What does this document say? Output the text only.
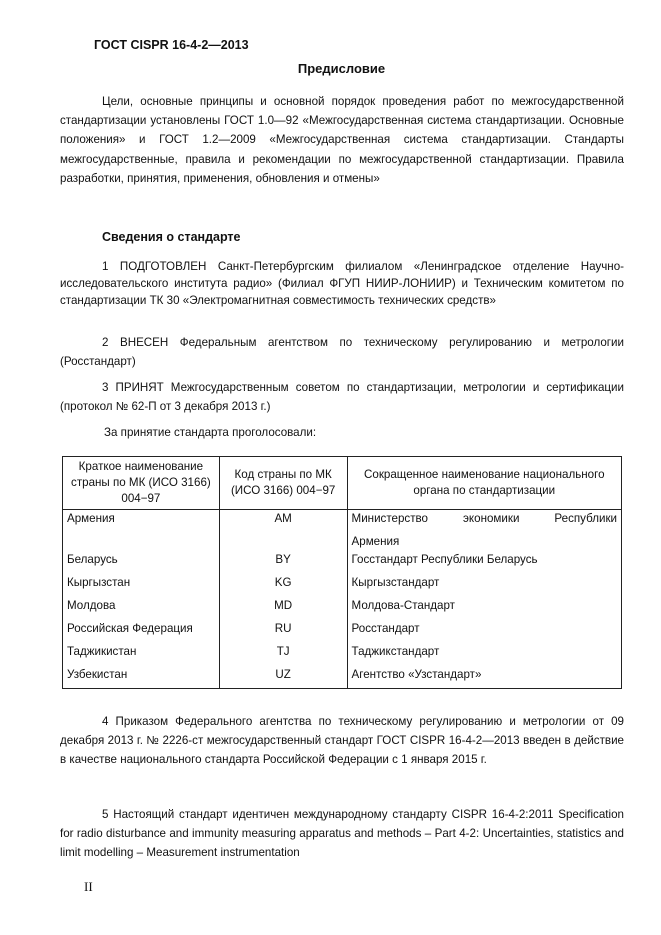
ГОСТ CISPR 16-4-2—2013
Предисловие

Цели, основные принципы и основной порядок проведения работ по межгосударственной стандартизации установлены ГОСТ 1.0—92 «Межгосударственная система стандартизации. Основные положения» и ГОСТ 1.2—2009 «Межгосударственная система стандартизации. Стандарты межгосударственные, правила и рекомендации по межгосударственной стандартизации. Правила разработки, принятия, применения, обновления и отмены»

Сведения о стандарте

1 ПОДГОТОВЛЕН Санкт-Петербургским филиалом «Ленинградское отделение Научно-исследовательского института радио» (Филиал ФГУП НИИР-ЛОНИИР) и Техническим комитетом по стандартизации ТК 30 «Электромагнитная совместимость технических средств»

2 ВНЕСЕН Федеральным агентством по техническому регулированию и метрологии (Росстандарт)

3 ПРИНЯТ Межгосударственным советом по стандартизации, метрологии и сертификации (протокол № 62-П от 3 декабря 2013 г.)

За принятие стандарта проголосовали:
Краткое наименование страны по МК (ИСО 3166) 004−97	Код страны по МК (ИСО 3166) 004−97	Сокращенное наименование национального органа по стандартизации
Армения	AM	Министерство экономики Республики
Армения

Беларусь	BY	Госстандарт Республики Беларусь
Кыргызстан	KG	Кыргызстандарт
Молдова	MD	Молдова-Стандарт
Российская Федерация	RU	Росстандарт
Таджикистан	TJ	Таджикстандарт
Узбекистан	UZ	Агентство «Узстандарт»

4 Приказом Федерального агентства по техническому регулированию и метрологии от 09 декабря 2013 г. № 2226-ст межгосударственный стандарт ГОСТ CISPR 16-4-2—2013 введен в действие в качестве национального стандарта Российской Федерации с 1 января 2015 г.

5 Настоящий стандарт идентичен международному стандарту CISPR 16-4-2:2011 Specification for radio disturbance and immunity measuring apparatus and methods – Part 4-2: Uncertainties, statistics and limit modelling – Measurement instrumentation

II
